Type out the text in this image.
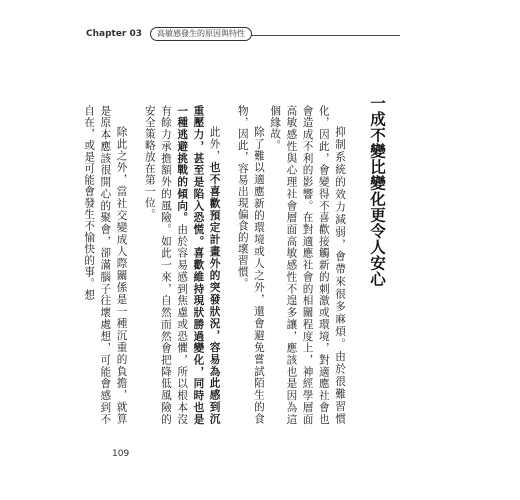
Chapter 03	高敏感發生的原因與特性
一成不變比變化更令人安心

抑制系統的效力減弱，會帶來很多麻煩。由於很難習慣化，因此，會變得不喜歡接觸新的刺激或環境，對適應社會也會造成不利的影響。在對適應社會的相關程度上，神經學層面高敏感性與心理社會層面高敏感性不遑多讓，應該也是因為這個緣故。

除了難以適應新的環境或人之外，還會避免嘗試陌生的食物，因此，容易出現偏食的壞習慣。

此外，也不喜歡預定計畫外的突發狀況，容易為此感到沉重壓力，甚至是陷入恐慌。喜歡維持現狀勝過變化，同時也是一種逃避挑戰的傾向。由於容易感到焦慮或恐懼，所以根本沒有餘力承擔額外的風險。如此一來，自然而然會把降低風險的安全策略放在第一位。

除此之外，當社交變成人際關係是一種沉重的負擔，就算是原本應該很開心的聚會，卻滿腦子往壞處想，可能會感到不自在，或是可能會發生不愉快的事。想

109
